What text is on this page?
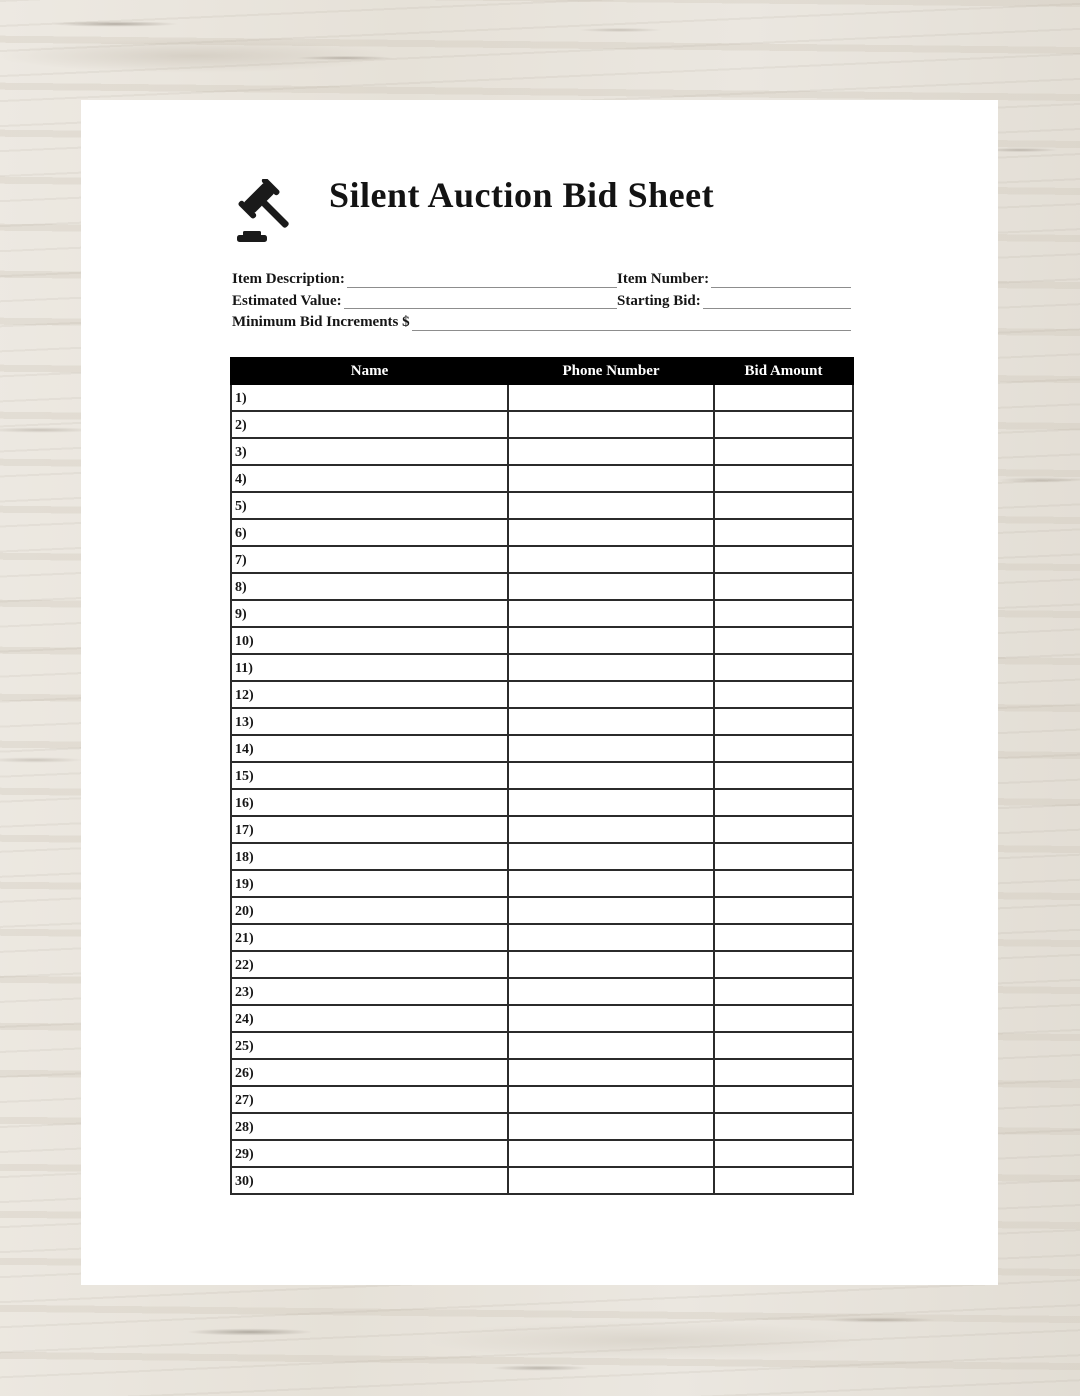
Silent Auction Bid Sheet
Item Description:	Item Number:
Estimated Value:	Starting Bid:
Minimum Bid Increments $
Name	Phone Number	Bid Amount
1)		
2)		
3)		
4)		
5)		
6)		
7)		
8)		
9)		
10)		
11)		
12)		
13)		
14)		
15)		
16)		
17)		
18)		
19)		
20)		
21)		
22)		
23)		
24)		
25)		
26)		
27)		
28)		
29)		
30)		
